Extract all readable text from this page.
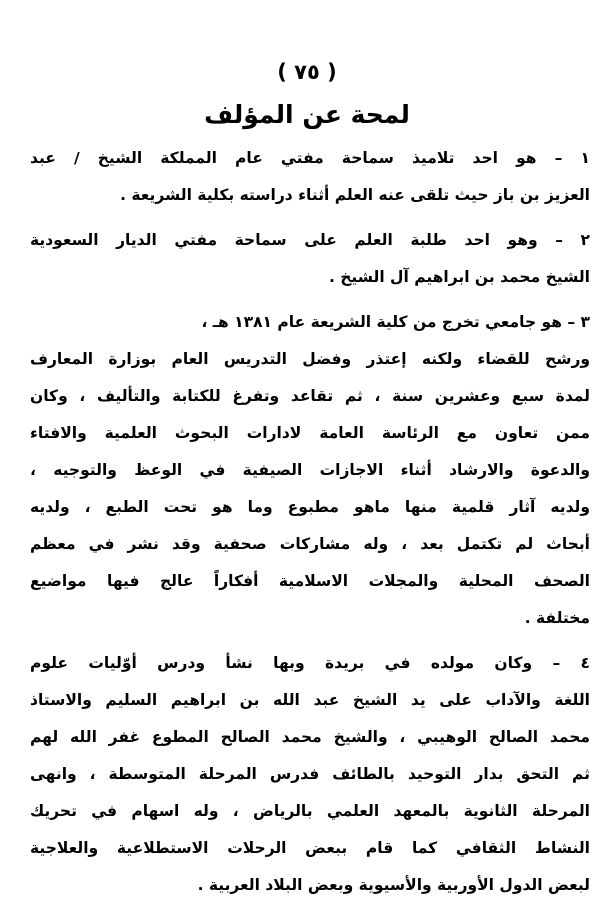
( ٧٥ )
لمحة عن المؤلف
١ – هو احد تلاميذ سماحة مفتي عام المملكة الشيخ / عبد
العزيز بن باز حيث تلقى عنه العلم أثناء دراسته بكلية الشريعة .
٢ – وهو احد طلبة العلم على سماحة مفتي الديار السعودية
الشيخ محمد بن ابراهيم آل الشيخ .
٣ – هو جامعي تخرج من كلية الشريعة عام ١٣٨١ هـ ،
ورشح للقضاء ولكنه إعتذر وفضل التدريس العام بوزارة المعارف
لمدة سبع وعشرين سنة ، ثم تقاعد وتفرغ للكتابة والتأليف ، وكان
ممن تعاون مع الرئاسة العامة لادارات البحوث العلمية والافتاء
والدعوة والارشاد أثناء الاجازات الصيفية في الوعظ والتوجيه ،
ولديه آثار قلمية منها ماهو مطبوع وما هو تحت الطبع ، ولديه
أبحاث لم تكتمل بعد ، وله مشاركات صحفية وقد نشر في معظم
الصحف المحلية والمجلات الاسلامية أفكاراً عالج فيها مواضيع
مختلفة .
٤ – وكان مولده في بريدة وبها نشأ ودرس أوّليات علوم
اللغة والآداب على يد الشيخ عبد الله بن ابراهيم السليم والاستاذ
محمد الصالح الوهيبي ، والشيخ محمد الصالح المطوع غفر الله لهم
ثم التحق بدار التوحيد بالطائف فدرس المرحلة المتوسطة ، وانهى
المرحلة الثانوية بالمعهد العلمي بالرياض ، وله اسهام في تحريك
النشاط الثقافي كما قام ببعض الرحلات الاستطلاعية والعلاجية
لبعض الدول الأوربية والأسيوية وبعض البلاد العربية .
